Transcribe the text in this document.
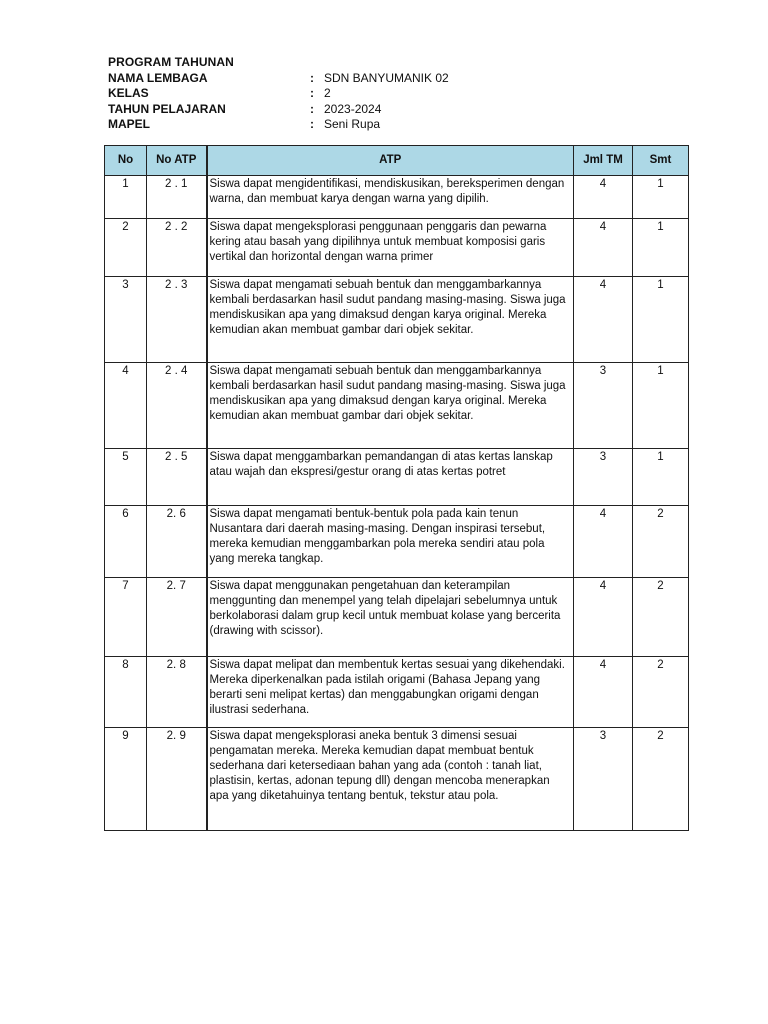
PROGRAM TAHUNAN
NAMA LEMBAGA	: SDN BANYUMANIK 02
KELAS	: 2
TAHUN PELAJARAN	: 2023-2024
MAPEL	: Seni Rupa
No	No ATP	ATP	Jml TM	Smt
1	2 . 1	Siswa dapat mengidentifikasi, mendiskusikan, bereksperimen dengan warna, dan membuat karya dengan warna yang dipilih.	4	1
2	2 . 2	Siswa dapat mengeksplorasi penggunaan penggaris dan pewarna kering atau basah yang dipilihnya untuk membuat komposisi garis vertikal dan horizontal dengan warna primer	4	1
3	2 . 3	Siswa dapat mengamati sebuah bentuk dan menggambarkannya kembali berdasarkan hasil sudut pandang masing-masing. Siswa juga mendiskusikan apa yang dimaksud dengan karya original. Mereka kemudian akan membuat gambar dari objek sekitar.	4	1
4	2 . 4	Siswa dapat mengamati sebuah bentuk dan menggambarkannya kembali berdasarkan hasil sudut pandang masing-masing. Siswa juga mendiskusikan apa yang dimaksud dengan karya original. Mereka kemudian akan membuat gambar dari objek sekitar.	3	1
5	2 . 5	Siswa dapat menggambarkan pemandangan di atas kertas lanskap atau wajah dan ekspresi/gestur orang di atas kertas potret	3	1
6	2. 6	Siswa dapat mengamati bentuk-bentuk pola pada kain tenun Nusantara dari daerah masing-masing. Dengan inspirasi tersebut, mereka kemudian menggambarkan pola mereka sendiri atau pola yang mereka tangkap.	4	2
7	2. 7	Siswa dapat menggunakan pengetahuan dan keterampilan menggunting dan menempel yang telah dipelajari sebelumnya untuk berkolaborasi dalam grup kecil untuk membuat kolase yang bercerita (drawing with scissor).	4	2
8	2. 8	Siswa dapat melipat dan membentuk kertas sesuai yang dikehendaki. Mereka diperkenalkan pada istilah origami (Bahasa Jepang yang berarti seni melipat kertas) dan menggabungkan origami dengan ilustrasi sederhana.	4	2
9	2. 9	Siswa dapat mengeksplorasi aneka bentuk 3 dimensi sesuai pengamatan mereka. Mereka kemudian dapat membuat bentuk sederhana dari ketersediaan bahan yang ada (contoh : tanah liat, plastisin, kertas, adonan tepung dll) dengan mencoba menerapkan apa yang diketahuinya tentang bentuk, tekstur atau pola.	3	2
